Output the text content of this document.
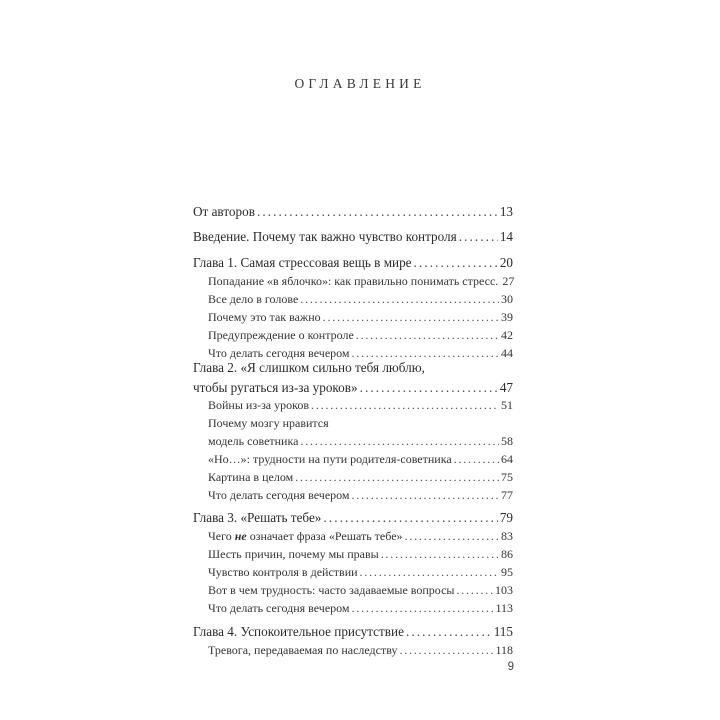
ОГЛАВЛЕНИЕ
От авторов . . .	13
Введение. Почему так важно чувство контроля . . .	14
Глава 1. Самая стрессовая вещь в мире . . .	20
Попадание «в яблочко»: как правильно понимать стресс. 27
Все дело в голове . . .	30
Почему это так важно . . .	39
Предупреждение о контроле . . .	42
Что делать сегодня вечером . . .	44
Глава 2. «Я слишком сильно тебя люблю,
чтобы ругаться из-за уроков» . . .	47
Войны из-за уроков . . .	51
Почему мозгу нравится
модель советника . . .	58
«Но…»: трудности на пути родителя-советника . . .	64
Картина в целом . . .	75
Что делать сегодня вечером . . .	77
Глава 3. «Решать тебе» . . .	79
Чего не означает фраза «Решать тебе» . . .	83
Шесть причин, почему мы правы . . .	86
Чувство контроля в действии . . .	95
Вот в чем трудность: часто задаваемые вопросы . . .	103
Что делать сегодня вечером . . .	113
Глава 4. Успокоительное присутствие . . .	115
Тревога, передаваемая по наследству . . .	118
9
